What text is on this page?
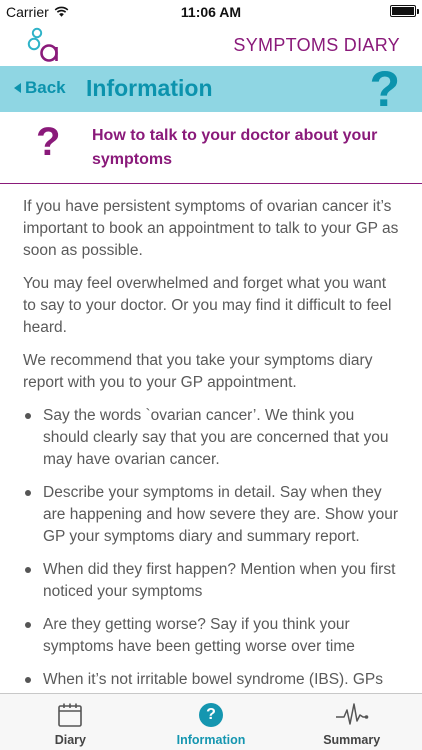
Carrier	11:06 AM
SYMPTOMS DIARY
Back Information	?
? How to talk to your doctor about your symptoms

If you have persistent symptoms of ovarian cancer it’s important to book an appointment to talk to your GP as soon as possible.

You may feel overwhelmed and forget what you want to say to your doctor. Or you may find it difficult to feel heard.

We recommend that you take your symptoms diary report with you to your GP appointment.

Say the words `ovarian cancer’. We think you should clearly say that you are concerned that you may have ovarian cancer.
Describe your symptoms in detail. Say when they are happening and how severe they are. Show your GP your symptoms diary and summary report.
When did they first happen? Mention when you first noticed your symptoms
Are they getting worse? Say if you think your symptoms have been getting worse over time
When it’s not irritable bowel syndrome (IBS). GPs
Diary
?
Information	Summary
